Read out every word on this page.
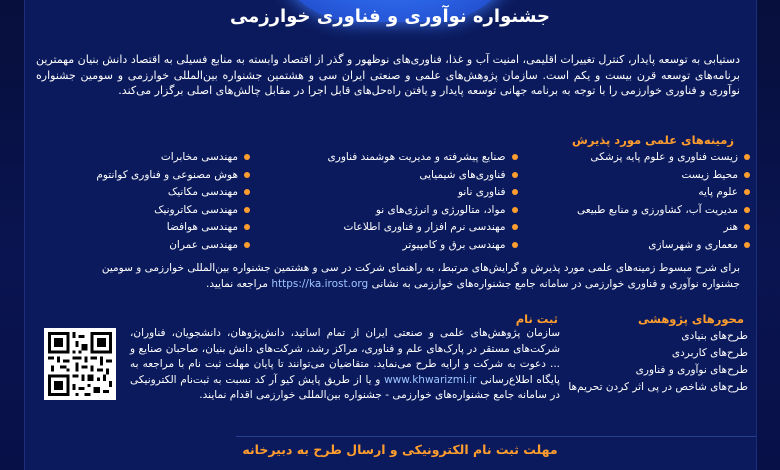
جشنواره نوآوری و فناوری خوارزمی

دستیابی به توسعه پایدار، کنترل تغییرات اقلیمی، امنیت آب و غذا، فناوری‌های نوظهور و گذر از اقتصاد وابسته به منابع فسیلی به اقتصاد دانش بنیان مهمترین برنامه‌های توسعه قرن بیست و یکم است. سازمان پژوهش‌های علمی و صنعتی ایران سی و هشتمین جشنواره بین‌المللی خوارزمی و سومین جشنواره نوآوری و فناوری خوارزمی را با توجه به برنامه جهانی توسعه پایدار و یافتن راه‌حل‌های قابل اجرا در مقابل چالش‌های اصلی برگزار می‌کند.

زمینه‌های علمی مورد پذیرش
زیست فناوری و علوم پایه پزشکی
محیط زیست
علوم پایه
مدیریت آب، کشاورزی و منابع طبیعی
هنر
معماری و شهرسازی
صنایع پیشرفته و مدیریت هوشمند فناوری
فناوری‌های شیمیایی
فناوری نانو
مواد، متالورژی و انرژی‌های نو
مهندسی نرم افزار و فناوری اطلاعات
مهندسی برق و کامپیوتر
مهندسی مخابرات
هوش مصنوعی و فناوری کوانتوم
مهندسی مکانیک
مهندسی مکاترونیک
مهندسی هوافضا
مهندسی عمران

برای شرح مبسوط زمینه‌های علمی مورد پذیرش و گرایش‌های مرتبط، به راهنمای شرکت در سی و هشتمین جشنواره بین‌المللی خوارزمی و سومین جشنواره نوآوری و فناوری خوارزمی در سامانه جامع جشنواره‌های خوارزمی به نشانی https://ka.irost.org مراجعه نمایید.

محورهای پژوهشی
طرح‌های بنیادی
طرح‌های کاربردی
طرح‌های نوآوری و فناوری
طرح‌های شاخص در پی اثر کردن تحریم‌ها
ثبت نام

سازمان پژوهش‌های علمی و صنعتی ایران از تمام اساتید، دانش‌پژوهان، دانشجویان، فناوران، شرکت‌های مستقر در پارک‌های علم و فناوری، مراکز رشد، شرکت‌های دانش بنیان، صاحبان صنایع و ... دعوت به شرکت و ارایه طرح می‌نماید. متقاضیان می‌توانند تا پایان مهلت ثبت نام با مراجعه به پایگاه اطلاع‌رسانی www.khwarizmi.ir و یا از طریق پایش کیو آر کد نسبت به ثبت‌نام الکترونیکی در سامانه جامع جشنواره‌های خوارزمی - جشنواره بین‌المللی خوارزمی اقدام نمایند.

مهلت ثبت نام الکترونیکی و ارسال طرح به دبیرخانه
